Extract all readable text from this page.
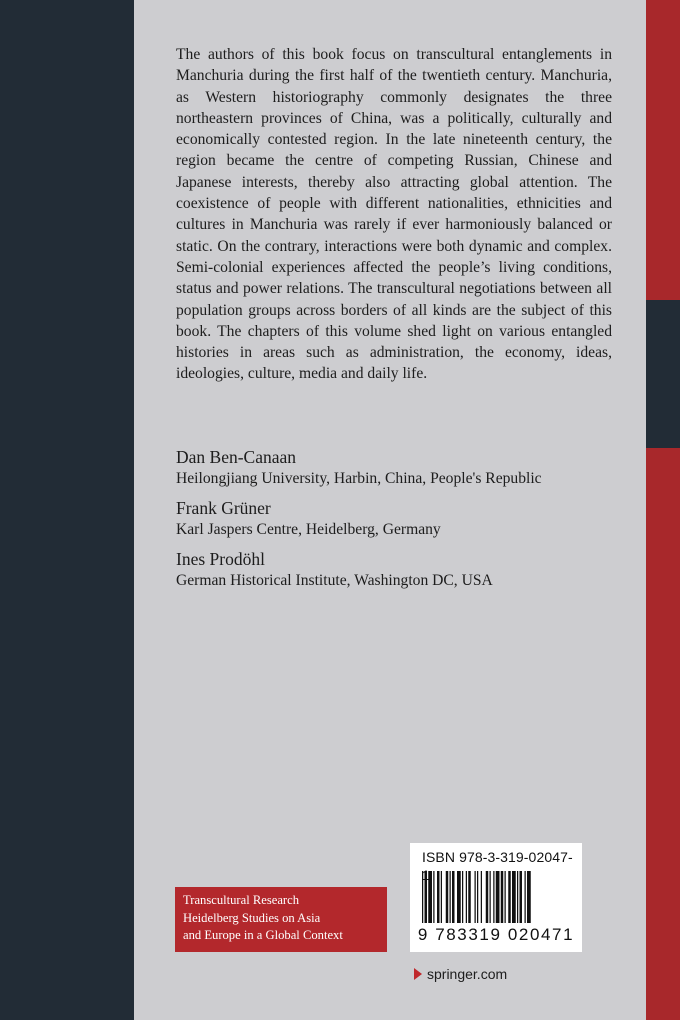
The authors of this book focus on transcultural entanglements in Manchuria during the first half of the twentieth century. Manchuria, as Western historiography commonly designates the three northeastern provinces of China, was a politically, culturally and economically contested region. In the late nineteenth century, the region became the centre of competing Russian, Chinese and Japanese interests, thereby also attracting global attention. The coexistence of people with different nationalities, ethnicities and cultures in Manchuria was rarely if ever harmoniously balanced or static. On the contrary, interactions were both dynamic and complex. Semi-colonial experiences affected the people’s living conditions, status and power relations. The transcultural negotiations between all population groups across borders of all kinds are the subject of this book. The chapters of this volume shed light on various entangled histories in areas such as administration, the economy, ideas, ideologies, culture, media and daily life.

Dan Ben-Canaan
Heilongjiang University, Harbin, China, People's Republic
Frank Grüner
Karl Jaspers Centre, Heidelberg, Germany
Ines Prodöhl
German Historical Institute, Washington DC, USA
Transcultural Research
Heidelberg Studies on Asia
and Europe in a Global Context
ISBN 978-3-319-02047-
9 783319 020471
springer.com
